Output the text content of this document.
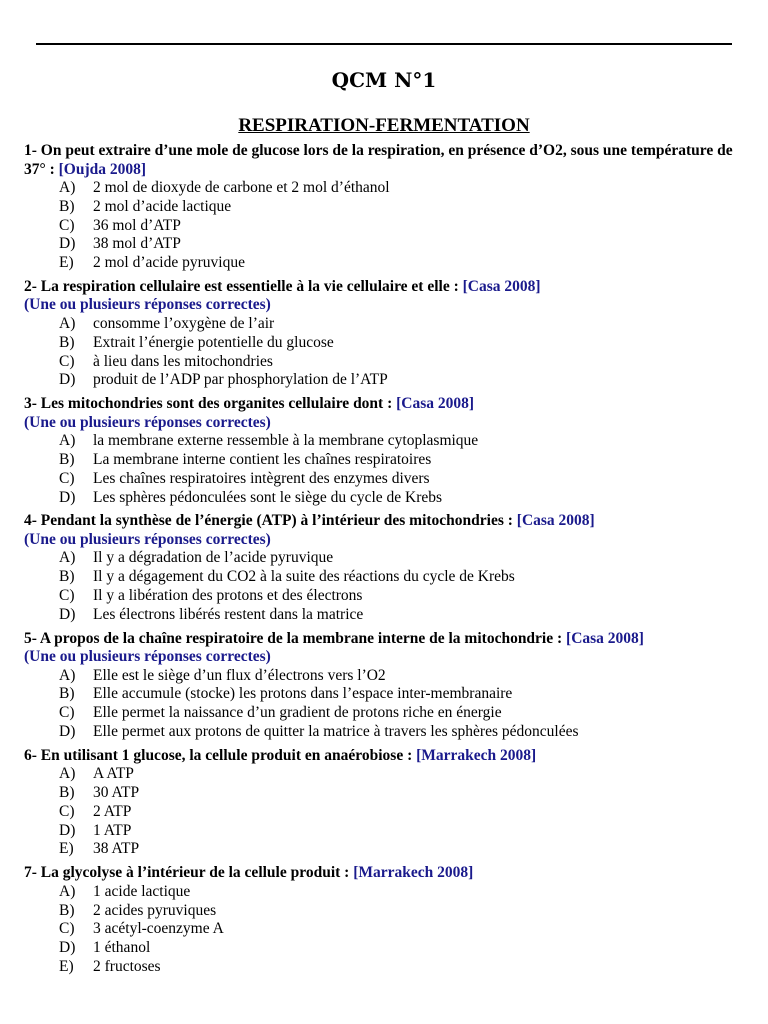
QCM N°1
RESPIRATION-FERMENTATION
1- On peut extraire d’une mole de glucose lors de la respiration, en présence d’O2, sous une température de 37° : [Oujda 2008]
A)	2 mol de dioxyde de carbone et 2 mol d’éthanol
B)	2 mol d’acide lactique
C)	36 mol d’ATP
D)	38 mol d’ATP
E)	2 mol d’acide pyruvique
2- La respiration cellulaire est essentielle à la vie cellulaire et elle : [Casa 2008]
(Une ou plusieurs réponses correctes)
A)	consomme l’oxygène de l’air
B)	Extrait l’énergie potentielle du glucose
C)	à lieu dans les mitochondries
D)	produit de l’ADP par phosphorylation de l’ATP
3- Les mitochondries sont des organites cellulaire dont : [Casa 2008]
(Une ou plusieurs réponses correctes)
A)	la membrane externe ressemble à la membrane cytoplasmique
B)	La membrane interne contient les chaînes respiratoires
C)	Les chaînes respiratoires intègrent des enzymes divers
D)	Les sphères pédonculées sont le siège du cycle de Krebs
4- Pendant la synthèse de l’énergie (ATP) à l’intérieur des mitochondries : [Casa 2008]
(Une ou plusieurs réponses correctes)
A)	Il y a dégradation de l’acide pyruvique
B)	Il y a dégagement du CO2 à la suite des réactions du cycle de Krebs
C)	Il y a libération des protons et des électrons
D)	Les électrons libérés restent dans la matrice
5- A propos de la chaîne respiratoire de la membrane interne de la mitochondrie : [Casa 2008]
(Une ou plusieurs réponses correctes)
A)	Elle est le siège d’un flux d’électrons vers l’O2
B)	Elle accumule (stocke) les protons dans l’espace inter-membranaire
C)	Elle permet la naissance d’un gradient de protons riche en énergie
D)	Elle permet aux protons de quitter la matrice à travers les sphères pédonculées
6- En utilisant 1 glucose, la cellule produit en anaérobiose : [Marrakech 2008]
A)	A ATP
B)	30 ATP
C)	2 ATP
D)	1 ATP
E)	38 ATP
7- La glycolyse à l’intérieur de la cellule produit : [Marrakech 2008]
A)	1 acide lactique
B)	2 acides pyruviques
C)	3 acétyl-coenzyme A
D)	1 éthanol
E)	2 fructoses
